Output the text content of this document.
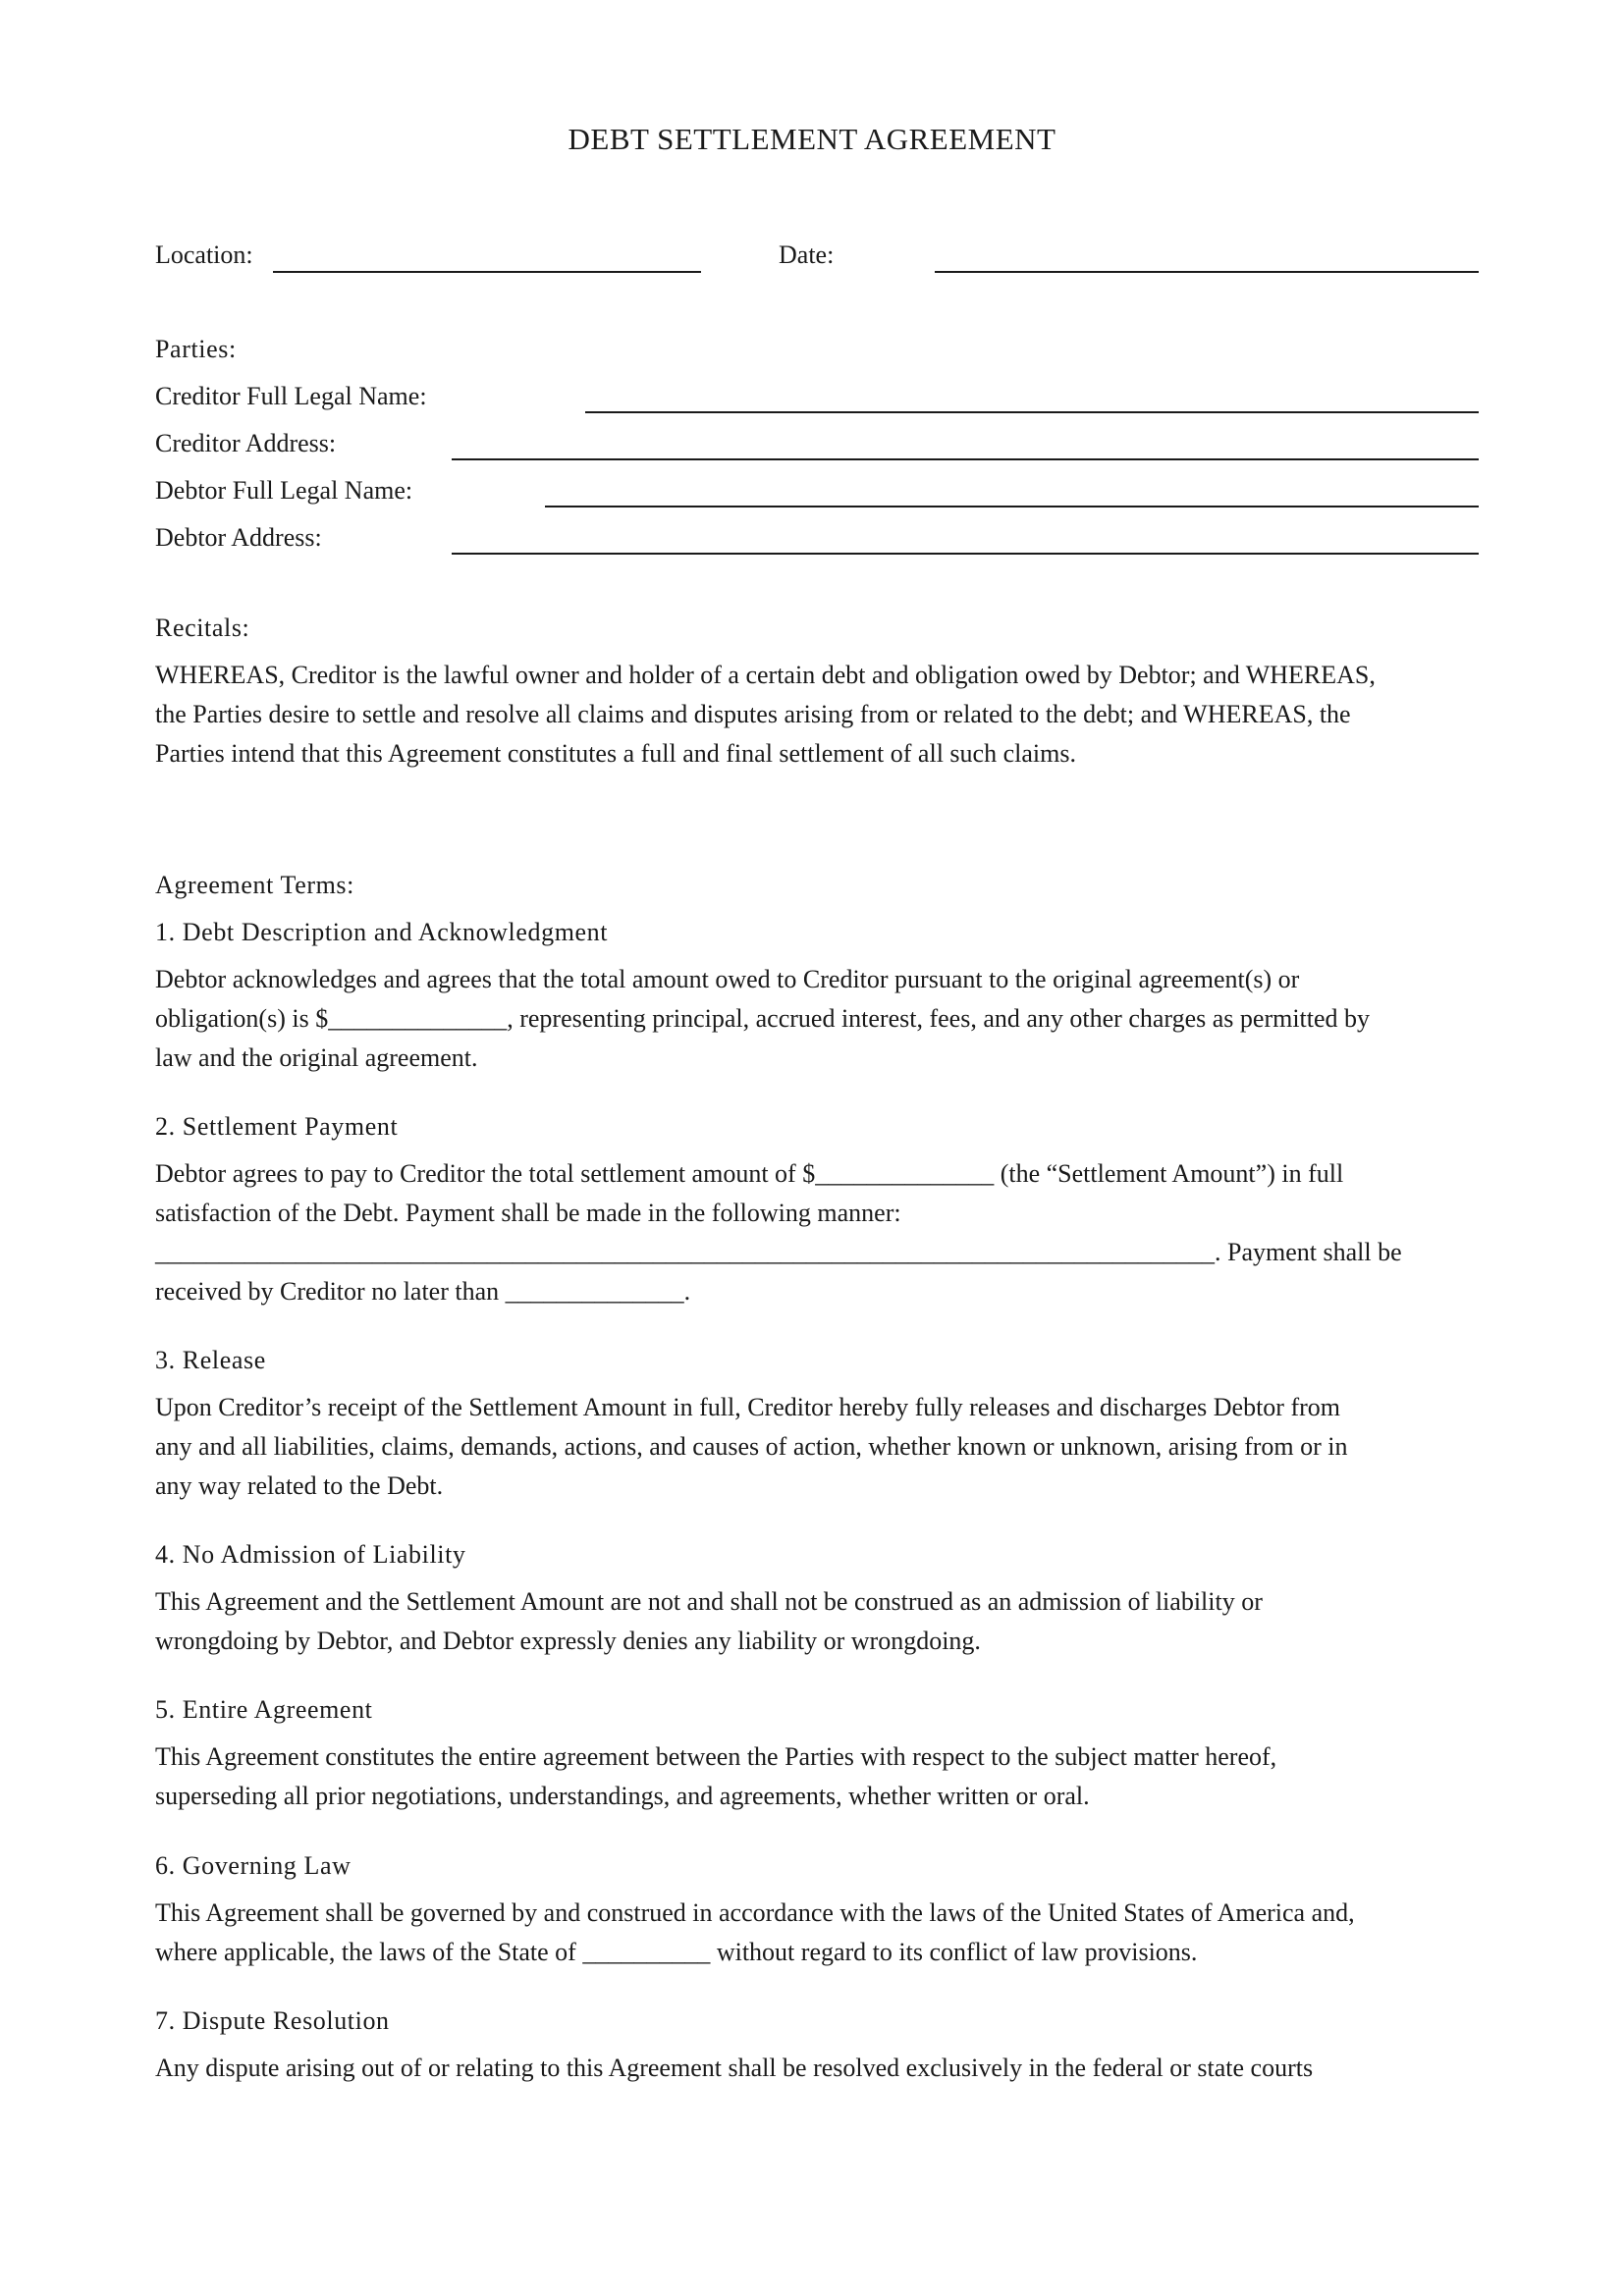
DEBT SETTLEMENT AGREEMENT
Location:	Date:
Parties:
Creditor Full Legal Name:
Creditor Address:
Debtor Full Legal Name:
Debtor Address:
Recitals:
WHEREAS, Creditor is the lawful owner and holder of a certain debt and obligation owed by Debtor; and WHEREAS,
the Parties desire to settle and resolve all claims and disputes arising from or related to the debt; and WHEREAS, the
Parties intend that this Agreement constitutes a full and final settlement of all such claims.
Agreement Terms:
1. Debt Description and Acknowledgment
Debtor acknowledges and agrees that the total amount owed to Creditor pursuant to the original agreement(s) or
obligation(s) is $______________, representing principal, accrued interest, fees, and any other charges as permitted by
law and the original agreement.
2. Settlement Payment
Debtor agrees to pay to Creditor the total settlement amount of $______________ (the “Settlement Amount”) in full
satisfaction of the Debt. Payment shall be made in the following manner:
___________________________________________________________________________________. Payment shall be
received by Creditor no later than ______________.
3. Release
Upon Creditor’s receipt of the Settlement Amount in full, Creditor hereby fully releases and discharges Debtor from
any and all liabilities, claims, demands, actions, and causes of action, whether known or unknown, arising from or in
any way related to the Debt.
4. No Admission of Liability
This Agreement and the Settlement Amount are not and shall not be construed as an admission of liability or
wrongdoing by Debtor, and Debtor expressly denies any liability or wrongdoing.
5. Entire Agreement
This Agreement constitutes the entire agreement between the Parties with respect to the subject matter hereof,
superseding all prior negotiations, understandings, and agreements, whether written or oral.
6. Governing Law
This Agreement shall be governed by and construed in accordance with the laws of the United States of America and,
where applicable, the laws of the State of __________ without regard to its conflict of law provisions.
7. Dispute Resolution
Any dispute arising out of or relating to this Agreement shall be resolved exclusively in the federal or state courts
